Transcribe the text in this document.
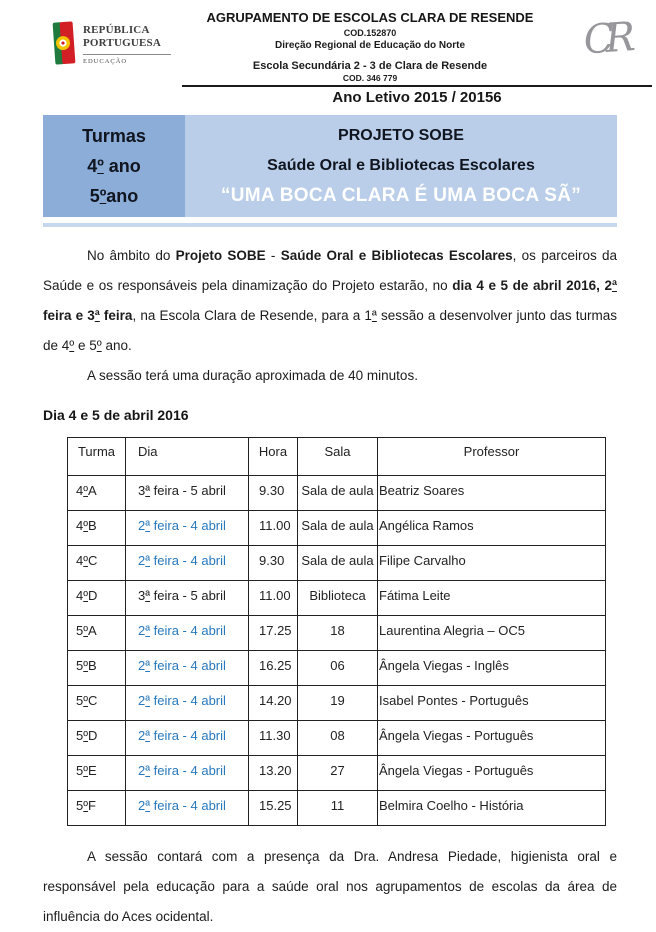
REPÚBLICA
PORTUGUESA
EDUCAÇÃO
AGRUPAMENTO DE ESCOLAS CLARA DE RESENDE
COD.152870
Direção Regional de Educação do Norte
Escola Secundária 2 - 3 de Clara de Resende
COD. 346 779
CR
Ano Letivo 2015 / 20156
Turmas
4º ano
5ºano
PROJETO SOBE
Saúde Oral e Bibliotecas Escolares
“UMA BOCA CLARA É UMA BOCA SÃ”

No âmbito do Projeto SOBE - Saúde Oral e Bibliotecas Escolares, os parceiros da Saúde e os responsáveis pela dinamização do Projeto estarão, no dia 4 e 5 de abril 2016, 2ª feira e 3ª feira, na Escola Clara de Resende, para a 1ª sessão a desenvolver junto das turmas de 4º e 5º ano.

A sessão terá uma duração aproximada de 40 minutos.

Dia 4 e 5 de abril 2016
Turma	Dia	Hora	Sala	Professor
4ºA	3ª feira - 5 abril	9.30	Sala de aula	Beatriz Soares
4ºB	2ª feira - 4 abril	11.00	Sala de aula	Angélica Ramos
4ºC	2ª feira - 4 abril	9.30	Sala de aula	Filipe Carvalho
4ºD	3ª feira - 5 abril	11.00	Biblioteca	Fátima Leite
5ºA	2ª feira - 4 abril	17.25	18	Laurentina Alegria – OC5
5ºB	2ª feira - 4 abril	16.25	06	Ângela Viegas - Inglês
5ºC	2ª feira - 4 abril	14.20	19	Isabel Pontes - Português
5ºD	2ª feira - 4 abril	11.30	08	Ângela Viegas - Português
5ºE	2ª feira - 4 abril	13.20	27	Ângela Viegas - Português
5ºF	2ª feira - 4 abril	15.25	11	Belmira Coelho - História

A sessão contará com a presença da Dra. Andresa Piedade, higienista oral e responsável pela educação para a saúde oral nos agrupamentos de escolas da área de influência do Aces ocidental.
